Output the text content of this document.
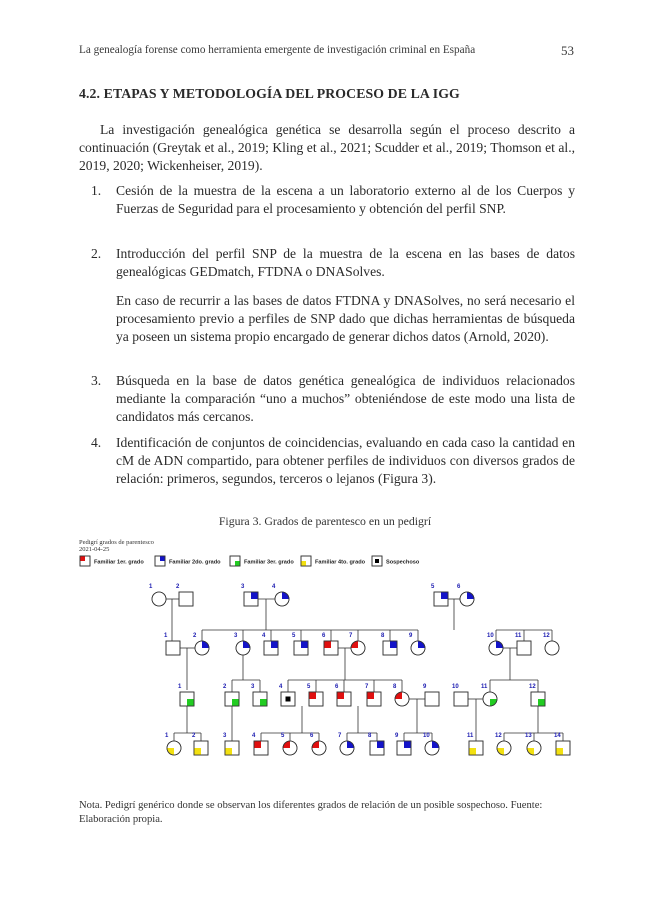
La genealogía forense como herramienta emergente de investigación criminal en España	53
4.2. ETAPAS Y METODOLOGÍA DEL PROCESO DE LA IGG

La investigación genealógica genética se desarrolla según el proceso descrito a continuación (Greytak et al., 2019; Kling et al., 2021; Scudder et al., 2019; Thomson et al., 2019, 2020; Wickenheiser, 2019).

1.	Cesión de la muestra de la escena a un laboratorio externo al de los Cuerpos y Fuerzas de Seguridad para el procesamiento y obtención del perfil SNP.
2.	Introducción del perfil SNP de la muestra de la escena en las bases de datos genealógicas GEDmatch, FTDNA o DNASolves.
En caso de recurrir a las bases de datos FTDNA y DNASolves, no será necesario el procesamiento previo a perfiles de SNP dado que dichas herramientas de búsqueda ya poseen un sistema propio encargado de generar dichos datos (Arnold, 2020).
3.	Búsqueda en la base de datos genética genealógica de individuos relacionados mediante la comparación “uno a muchos” obteniéndose de este modo una lista de candidatos más cercanos.
4.	Identificación de conjuntos de coincidencias, evaluando en cada caso la cantidad en cM de ADN compartido, para obtener perfiles de individuos con diversos grados de relación: primeros, segundos, terceros o lejanos (Figura 3).
Figura 3. Grados de parentesco en un pedigrí
Pedigrí grados de parentesco
2021-04-25
Familiar 1er. grado	Familiar 2do. grado	Familiar 3er. grado	Familiar 4to. grado	Sospechoso
1	2	3	4	5	6
1	2	3	4	5	6	7	8	9	10	11	12
1	2	3	4	5	6	7	8	9	10	11	12
1	2	3	4	5	6	7	8	9	10	11	12	13	14
Nota. Pedigrí genérico donde se observan los diferentes grados de relación de un posible sospechoso. Fuente: Elaboración propia.
